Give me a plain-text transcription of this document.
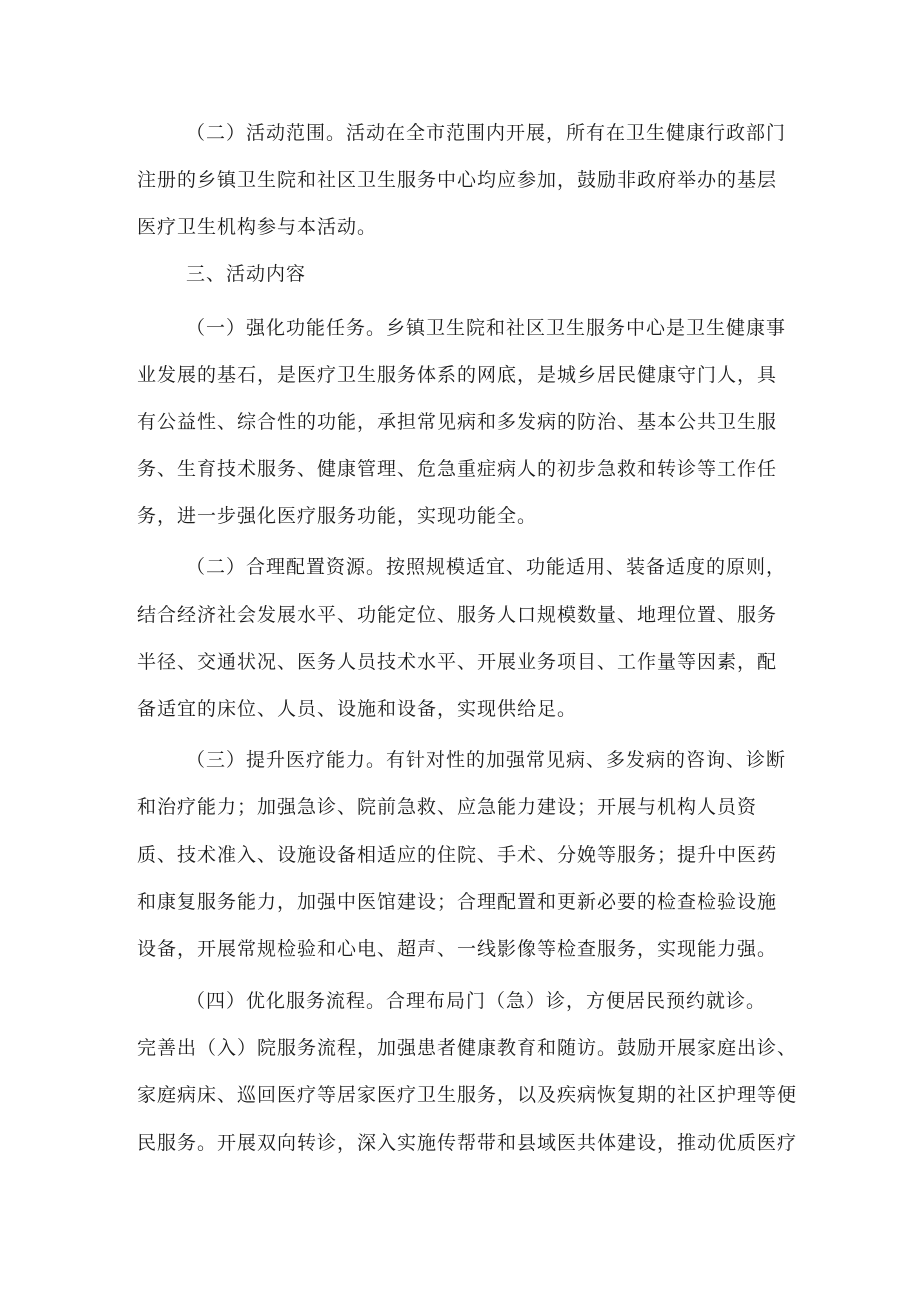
（二）活动范围。活动在全市范围内开展，所有在卫生健康行政部门
注册的乡镇卫生院和社区卫生服务中心均应参加，鼓励非政府举办的基层
医疗卫生机构参与本活动。
三、活动内容
（一）强化功能任务。乡镇卫生院和社区卫生服务中心是卫生健康事
业发展的基石，是医疗卫生服务体系的网底，是城乡居民健康守门人，具
有公益性、综合性的功能，承担常见病和多发病的防治、基本公共卫生服
务、生育技术服务、健康管理、危急重症病人的初步急救和转诊等工作任
务，进一步强化医疗服务功能，实现功能全。
（二）合理配置资源。按照规模适宜、功能适用、装备适度的原则，
结合经济社会发展水平、功能定位、服务人口规模数量、地理位置、服务
半径、交通状况、医务人员技术水平、开展业务项目、工作量等因素，配
备适宜的床位、人员、设施和设备，实现供给足。
（三）提升医疗能力。有针对性的加强常见病、多发病的咨询、诊断
和治疗能力；加强急诊、院前急救、应急能力建设；开展与机构人员资
质、技术准入、设施设备相适应的住院、手术、分娩等服务；提升中医药
和康复服务能力，加强中医馆建设；合理配置和更新必要的检查检验设施
设备，开展常规检验和心电、超声、一线影像等检查服务，实现能力强。
（四）优化服务流程。合理布局门（急）诊，方便居民预约就诊。
完善出（入）院服务流程，加强患者健康教育和随访。鼓励开展家庭出诊、
家庭病床、巡回医疗等居家医疗卫生服务，以及疾病恢复期的社区护理等便
民服务。开展双向转诊，深入实施传帮带和县域医共体建设，推动优质医疗
